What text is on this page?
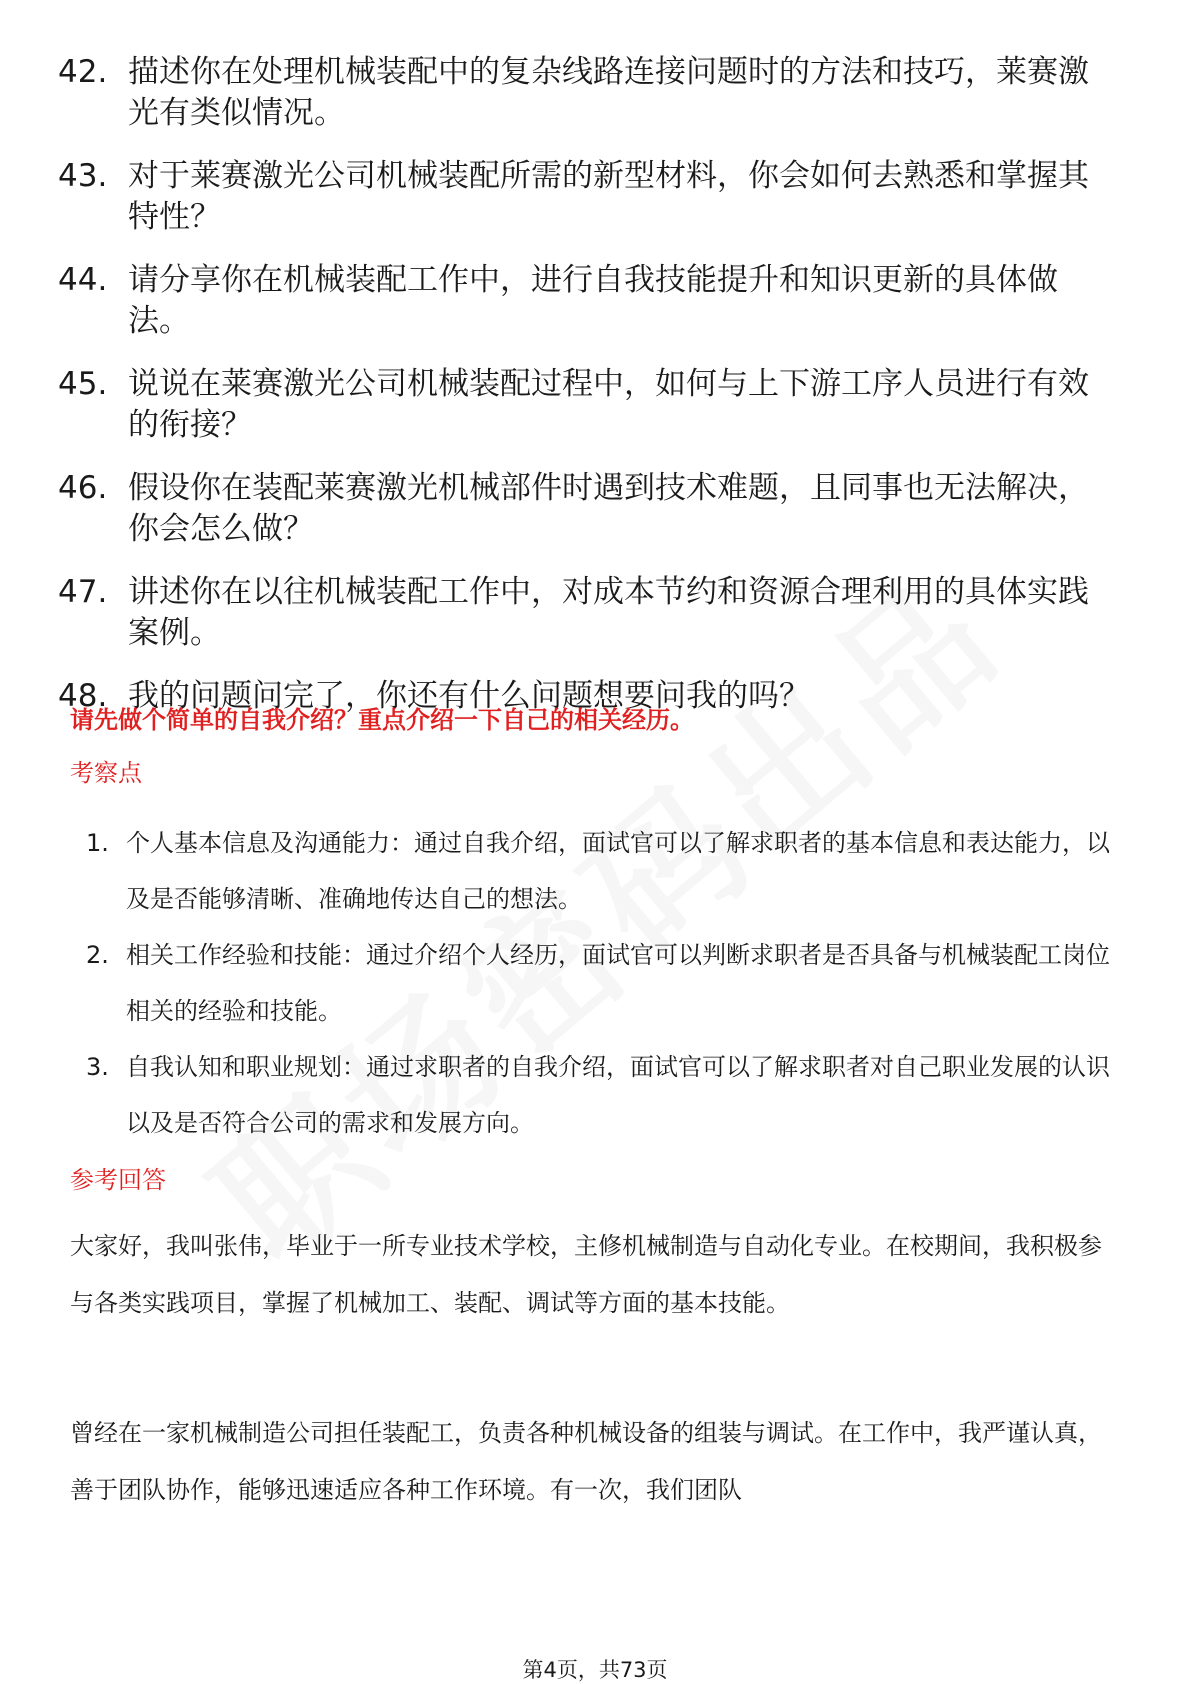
42. 描述你在处理机械装配中的复杂线路连接问题时的方法和技巧，莱赛激光有类似情况。
43. 对于莱赛激光公司机械装配所需的新型材料，你会如何去熟悉和掌握其特性？
44. 请分享你在机械装配工作中，进行自我技能提升和知识更新的具体做法。
45. 说说在莱赛激光公司机械装配过程中，如何与上下游工序人员进行有效的衔接？
46. 假设你在装配莱赛激光机械部件时遇到技术难题，且同事也无法解决，你会怎么做？
47. 讲述你在以往机械装配工作中，对成本节约和资源合理利用的具体实践案例。
48. 我的问题问完了，你还有什么问题想要问我的吗？
请先做个简单的自我介绍？重点介绍一下自己的相关经历。
考察点
1. 个人基本信息及沟通能力：通过自我介绍，面试官可以了解求职者的基本信息和表达能力，以及是否能够清晰、准确地传达自己的想法。
2. 相关工作经验和技能：通过介绍个人经历，面试官可以判断求职者是否具备与机械装配工岗位相关的经验和技能。
3. 自我认知和职业规划：通过求职者的自我介绍，面试官可以了解求职者对自己职业发展的认识以及是否符合公司的需求和发展方向。
参考回答
大家好，我叫张伟，毕业于一所专业技术学校，主修机械制造与自动化专业。在校期间，我积极参与各类实践项目，掌握了机械加工、装配、调试等方面的基本技能。
曾经在一家机械制造公司担任装配工，负责各种机械设备的组装与调试。在工作中，我严谨认真，善于团队协作，能够迅速适应各种工作环境。有一次，我们团队
第4页，共73页
